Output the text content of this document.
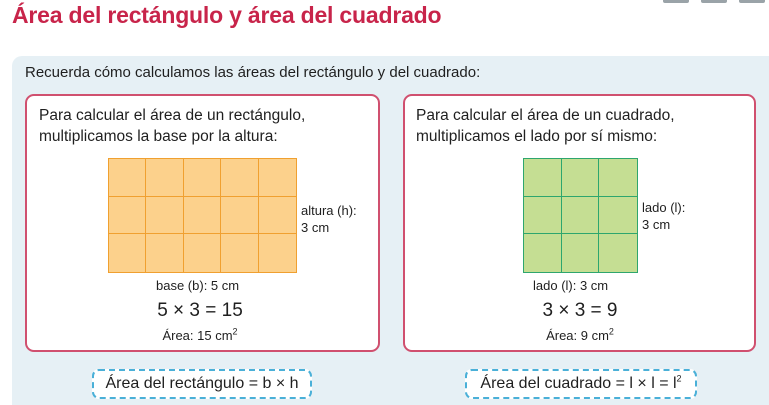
Área del rectángulo y área del cuadrado
Recuerda cómo calculamos las áreas del rectángulo y del cuadrado:
Para calcular el área de un rectángulo,
multiplicamos la base por la altura:
altura (h):
3 cm
base (b): 5 cm
5 × 3 = 15
Área: 15 $cm^2$
Para calcular el área de un cuadrado,
multiplicamos el lado por sí mismo:
lado (l):
3 cm
lado (l): 3 cm
3 × 3 = 9
Área: 9 $cm^2$
Área del rectángulo = b × h	Área del cuadrado = $l \times l = l^2$
